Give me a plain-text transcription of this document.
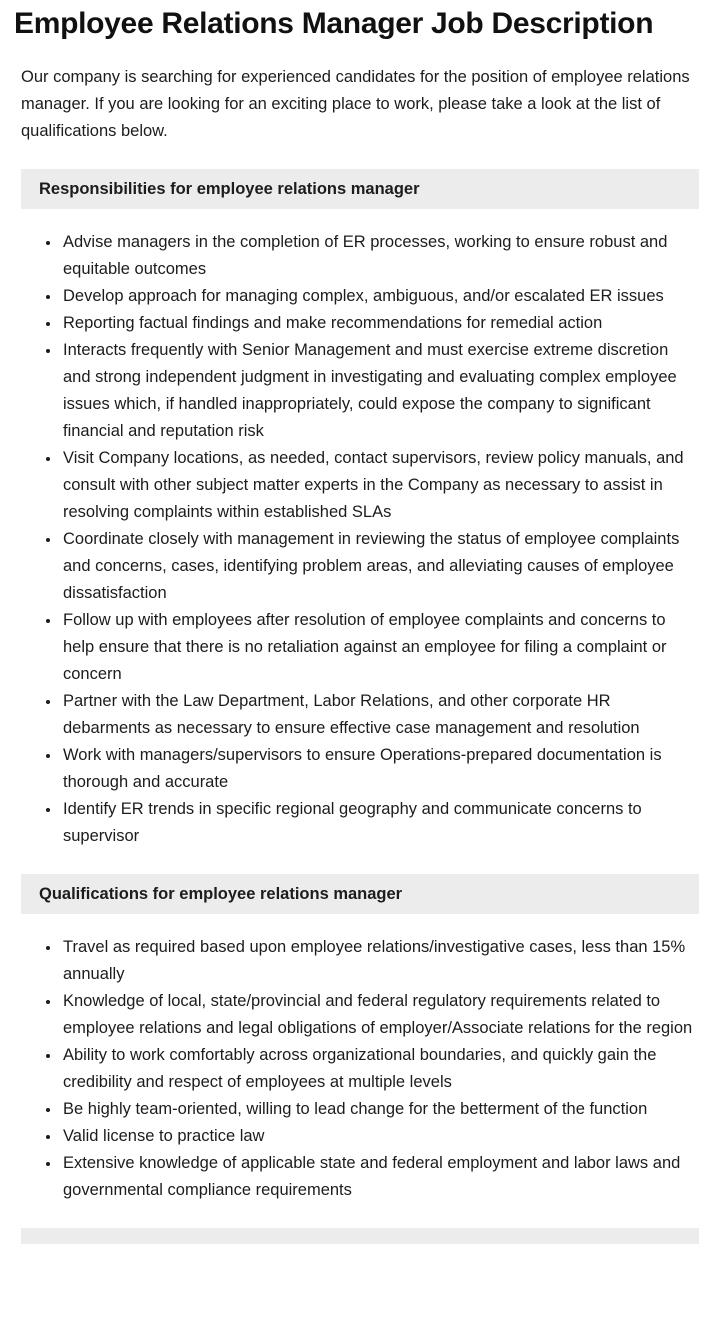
Employee Relations Manager Job Description

Our company is searching for experienced candidates for the position of employee relations manager. If you are looking for an exciting place to work, please take a look at the list of qualifications below.

Responsibilities for employee relations manager
• Advise managers in the completion of ER processes, working to ensure robust and equitable outcomes
• Develop approach for managing complex, ambiguous, and/or escalated ER issues
• Reporting factual findings and make recommendations for remedial action
• Interacts frequently with Senior Management and must exercise extreme discretion and strong independent judgment in investigating and evaluating complex employee issues which, if handled inappropriately, could expose the company to significant financial and reputation risk
• Visit Company locations, as needed, contact supervisors, review policy manuals, and consult with other subject matter experts in the Company as necessary to assist in resolving complaints within established SLAs
• Coordinate closely with management in reviewing the status of employee complaints and concerns, cases, identifying problem areas, and alleviating causes of employee dissatisfaction
• Follow up with employees after resolution of employee complaints and concerns to help ensure that there is no retaliation against an employee for filing a complaint or concern
• Partner with the Law Department, Labor Relations, and other corporate HR debarments as necessary to ensure effective case management and resolution
• Work with managers/supervisors to ensure Operations-prepared documentation is thorough and accurate
• Identify ER trends in specific regional geography and communicate concerns to supervisor
Qualifications for employee relations manager
• Travel as required based upon employee relations/investigative cases, less than 15% annually
• Knowledge of local, state/provincial and federal regulatory requirements related to employee relations and legal obligations of employer/Associate relations for the region
• Ability to work comfortably across organizational boundaries, and quickly gain the credibility and respect of employees at multiple levels
• Be highly team-oriented, willing to lead change for the betterment of the function
• Valid license to practice law
• Extensive knowledge of applicable state and federal employment and labor laws and governmental compliance requirements
